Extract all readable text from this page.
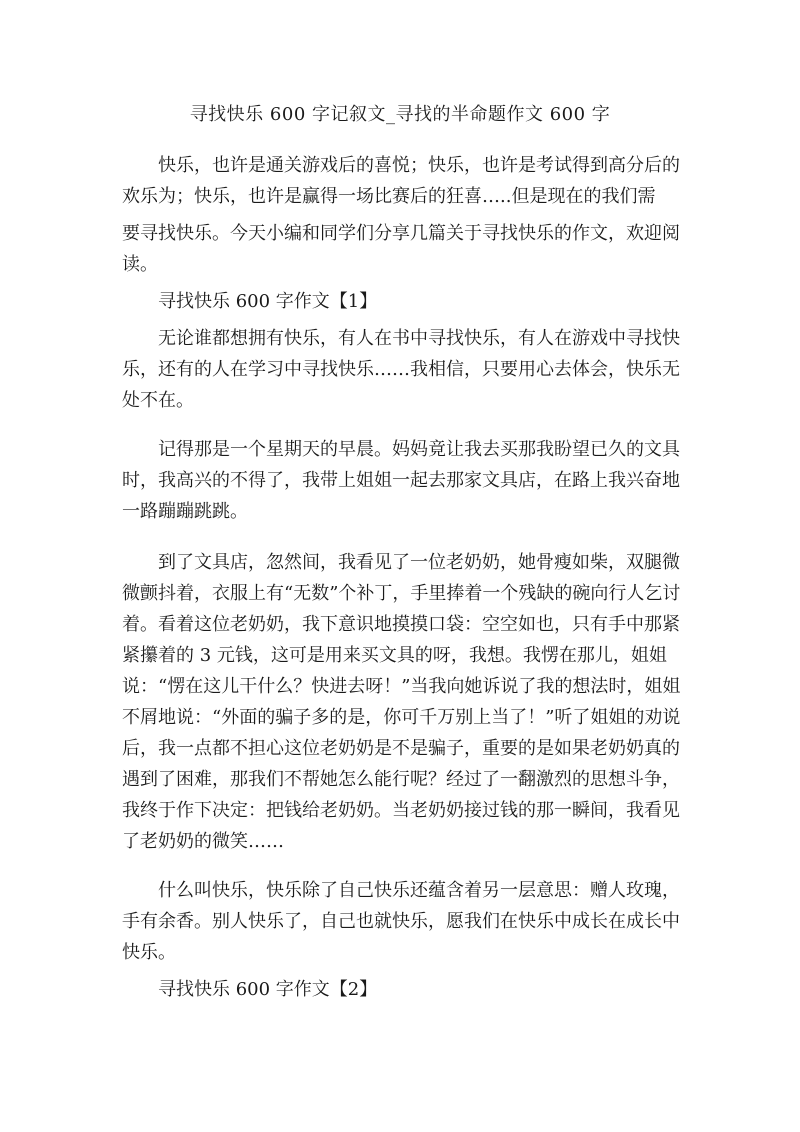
寻找快乐 600 字记叙文_寻找的半命题作文 600 字

快乐，也许是通关游戏后的喜悦；快乐，也许是考试得到高分后的欢乐为；快乐，也许是赢得一场比赛后的狂喜…..但是现在的我们需

要寻找快乐。今天小编和同学们分享几篇关于寻找快乐的作文，欢迎阅读。

寻找快乐 600 字作文【1】

无论谁都想拥有快乐，有人在书中寻找快乐，有人在游戏中寻找快乐，还有的人在学习中寻找快乐……我相信，只要用心去体会，快乐无处不在。

记得那是一个星期天的早晨。妈妈竟让我去买那我盼望已久的文具时，我高兴的不得了，我带上姐姐一起去那家文具店，在路上我兴奋地一路蹦蹦跳跳。

到了文具店，忽然间，我看见了一位老奶奶，她骨瘦如柴，双腿微微颤抖着，衣服上有“无数”个补丁，手里捧着一个残缺的碗向行人乞讨着。看着这位老奶奶，我下意识地摸摸口袋：空空如也，只有手中那紧紧攥着的 3 元钱，这可是用来买文具的呀，我想。我愣在那儿，姐姐说：“愣在这儿干什么？快进去呀！”当我向她诉说了我的想法时，姐姐不屑地说：“外面的骗子多的是，你可千万别上当了！”听了姐姐的劝说后，我一点都不担心这位老奶奶是不是骗子，重要的是如果老奶奶真的遇到了困难，那我们不帮她怎么能行呢？经过了一翻激烈的思想斗争，我终于作下决定：把钱给老奶奶。当老奶奶接过钱的那一瞬间，我看见了老奶奶的微笑……

什么叫快乐，快乐除了自己快乐还蕴含着另一层意思：赠人玫瑰，手有余香。别人快乐了，自己也就快乐，愿我们在快乐中成长在成长中快乐。

寻找快乐 600 字作文【2】
